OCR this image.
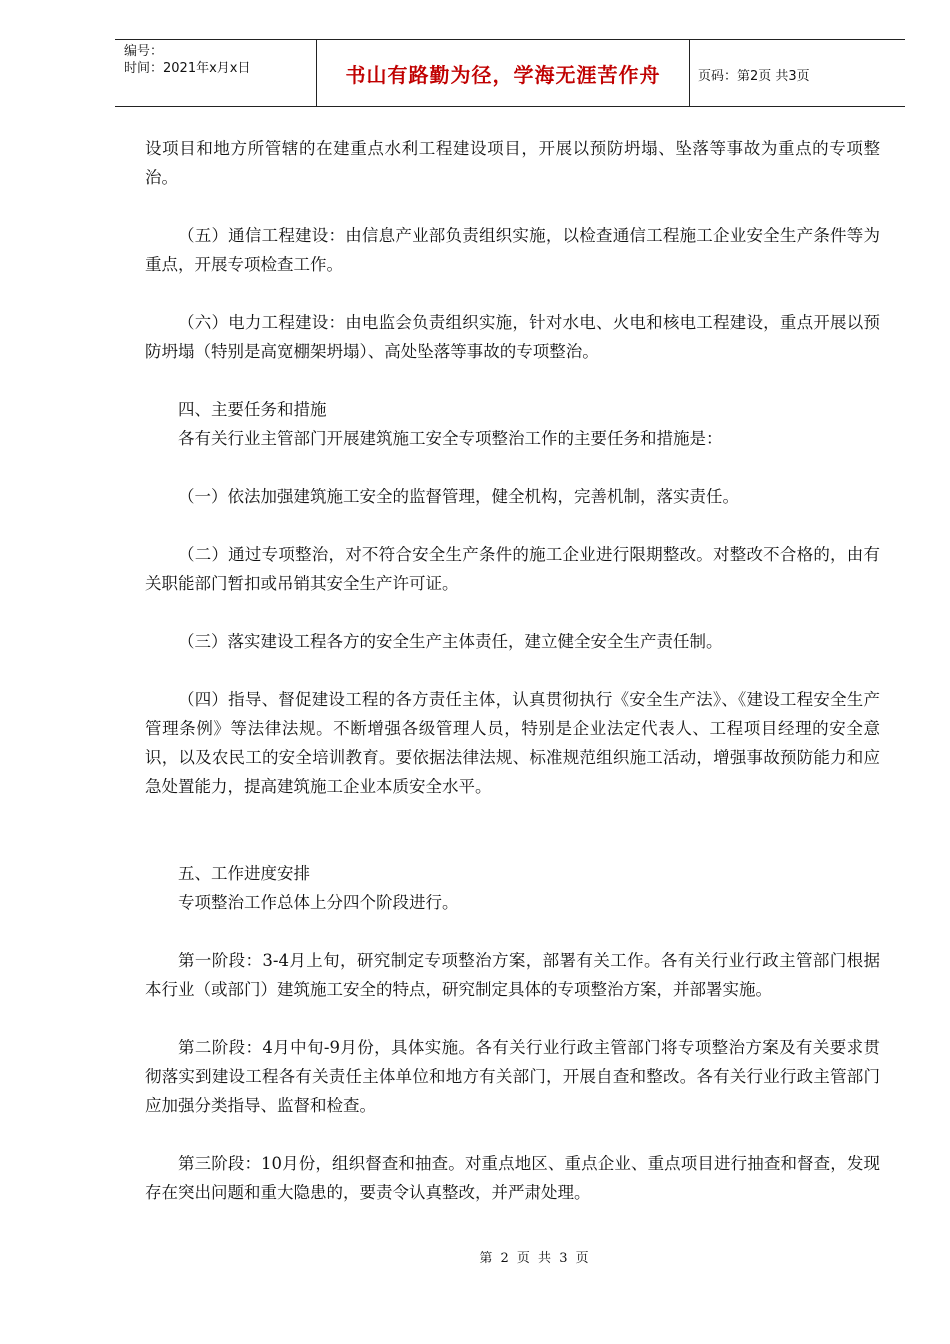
编号：
时间：2021年x月x日	书山有路勤为径，学海无涯苦作舟	页码：第2页 共3页

设项目和地方所管辖的在建重点水利工程建设项目，开展以预防坍塌、坠落等事故为重点的专项整治。

（五）通信工程建设：由信息产业部负责组织实施，以检查通信工程施工企业安全生产条件等为重点，开展专项检查工作。

（六）电力工程建设：由电监会负责组织实施，针对水电、火电和核电工程建设，重点开展以预防坍塌（特别是高宽棚架坍塌）、高处坠落等事故的专项整治。

四、主要任务和措施

各有关行业主管部门开展建筑施工安全专项整治工作的主要任务和措施是：

（一）依法加强建筑施工安全的监督管理，健全机构，完善机制，落实责任。

（二）通过专项整治，对不符合安全生产条件的施工企业进行限期整改。对整改不合格的，由有关职能部门暂扣或吊销其安全生产许可证。

（三）落实建设工程各方的安全生产主体责任，建立健全安全生产责任制。

（四）指导、督促建设工程的各方责任主体，认真贯彻执行《安全生产法》、《建设工程安全生产管理条例》等法律法规。不断增强各级管理人员，特别是企业法定代表人、工程项目经理的安全意识，以及农民工的安全培训教育。要依据法律法规、标准规范组织施工活动，增强事故预防能力和应急处置能力，提高建筑施工企业本质安全水平。

五、工作进度安排

专项整治工作总体上分四个阶段进行。

第一阶段：3-4月上旬，研究制定专项整治方案，部署有关工作。各有关行业行政主管部门根据本行业（或部门）建筑施工安全的特点，研究制定具体的专项整治方案，并部署实施。

第二阶段：4月中旬-9月份，具体实施。各有关行业行政主管部门将专项整治方案及有关要求贯彻落实到建设工程各有关责任主体单位和地方有关部门，开展自查和整改。各有关行业行政主管部门应加强分类指导、监督和检查。

第三阶段：10月份，组织督查和抽查。对重点地区、重点企业、重点项目进行抽查和督查，发现存在突出问题和重大隐患的，要责令认真整改，并严肃处理。

第 2 页 共 3 页
